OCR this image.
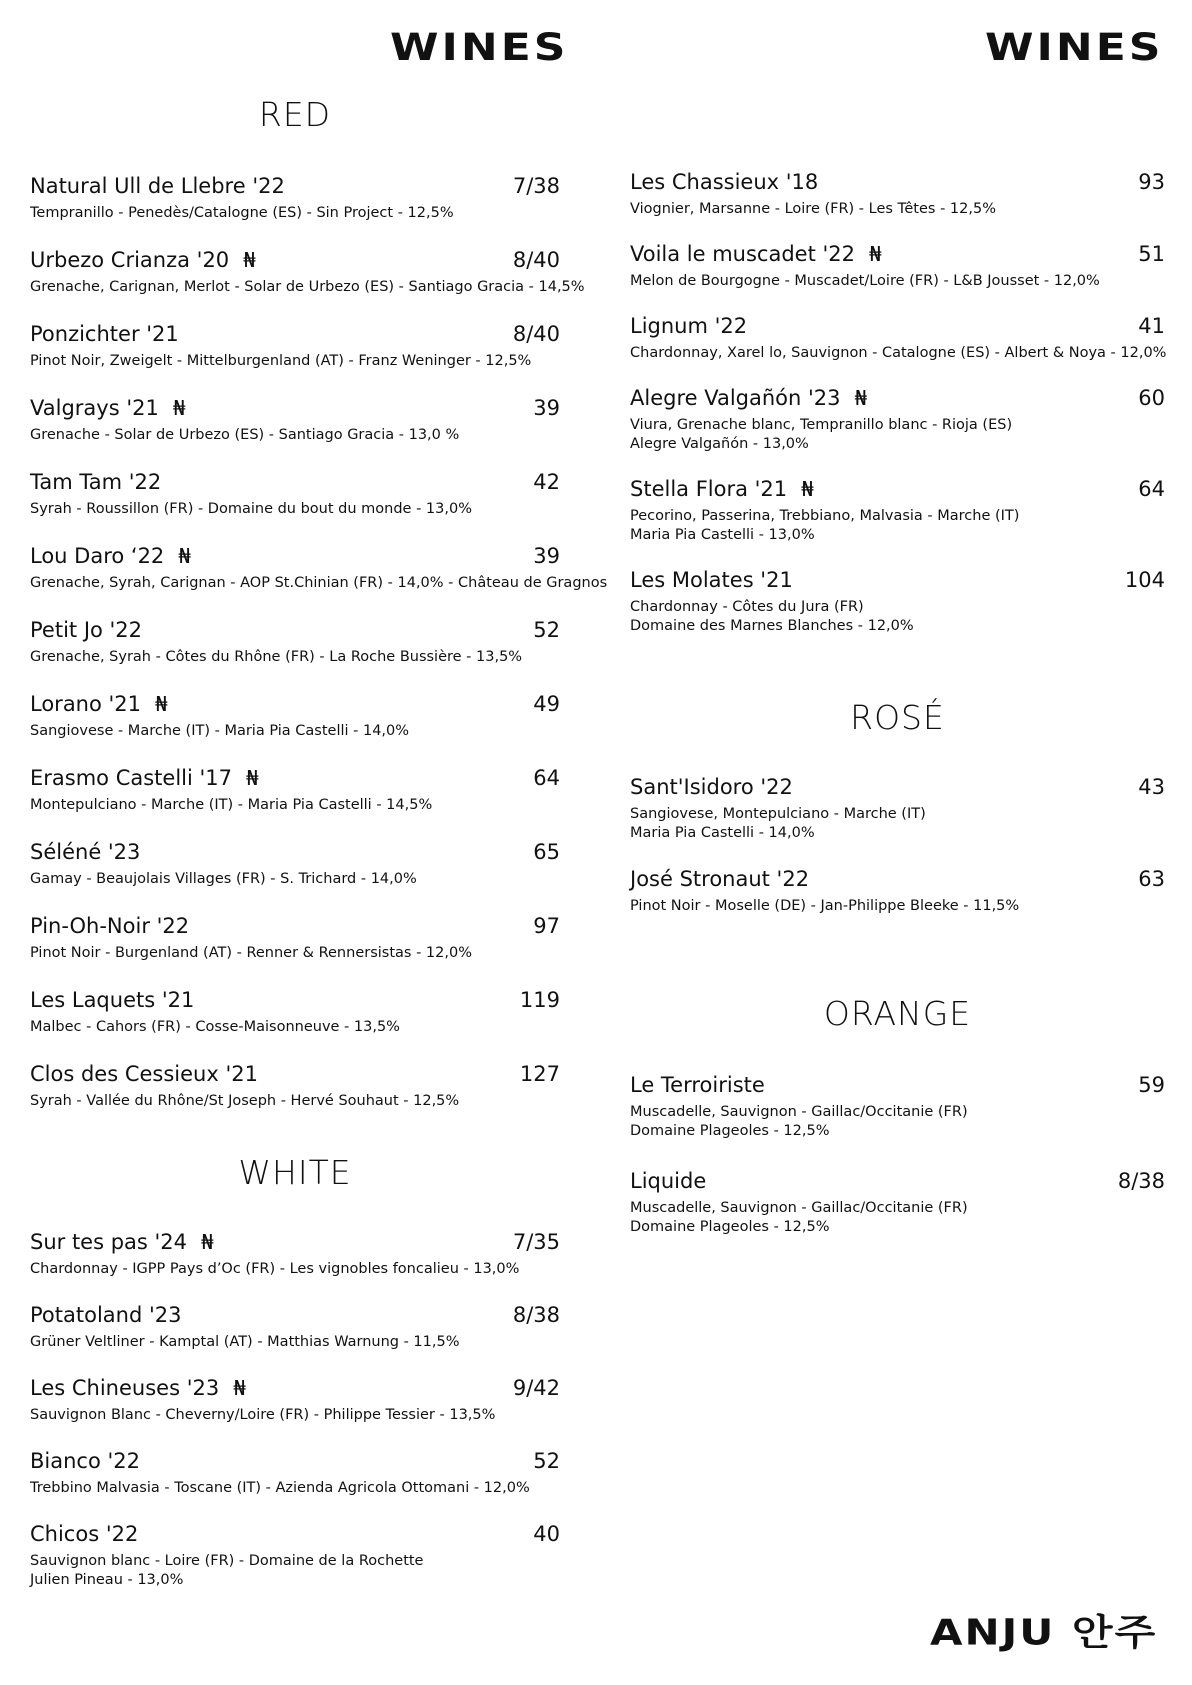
WINES	WINES
RED
Natural Ull de Llebre '22	7/38
Tempranillo - Penedès/Catalogne (ES) - Sin Project - 12,5%
Urbezo Crianza '20 ₦	8/40
Grenache, Carignan, Merlot - Solar de Urbezo (ES) - Santiago Gracia - 14,5%
Ponzichter '21	8/40
Pinot Noir, Zweigelt - Mittelburgenland (AT) - Franz Weninger - 12,5%
Valgrays '21 ₦	39
Grenache - Solar de Urbezo (ES) - Santiago Gracia - 13,0 %
Tam Tam '22	42
Syrah - Roussillon (FR) - Domaine du bout du monde - 13,0%
Lou Daro ‘22 ₦	39
Grenache, Syrah, Carignan - AOP St.Chinian (FR) - 14,0% - Château de Gragnos
Petit Jo '22	52
Grenache, Syrah - Côtes du Rhône (FR) - La Roche Bussière - 13,5%
Lorano '21 ₦	49
Sangiovese - Marche (IT) - Maria Pia Castelli - 14,0%
Erasmo Castelli '17 ₦	64
Montepulciano - Marche (IT) - Maria Pia Castelli - 14,5%
Séléné '23	65
Gamay - Beaujolais Villages (FR) - S. Trichard - 14,0%
Pin-Oh-Noir '22	97
Pinot Noir - Burgenland (AT) - Renner & Rennersistas - 12,0%
Les Laquets '21	119
Malbec - Cahors (FR) - Cosse-Maisonneuve - 13,5%
Clos des Cessieux '21	127
Syrah - Vallée du Rhône/St Joseph - Hervé Souhaut - 12,5%
WHITE
Sur tes pas '24 ₦	7/35
Chardonnay - IGPP Pays d’Oc (FR) - Les vignobles foncalieu - 13,0%
Potatoland '23	8/38
Grüner Veltliner - Kamptal (AT) - Matthias Warnung - 11,5%
Les Chineuses '23 ₦	9/42
Sauvignon Blanc - Cheverny/Loire (FR) - Philippe Tessier - 13,5%
Bianco '22	52
Trebbino Malvasia - Toscane (IT) - Azienda Agricola Ottomani - 12,0%
Chicos '22	40
Sauvignon blanc - Loire (FR) - Domaine de la Rochette
Julien Pineau - 13,0%
Les Chassieux '18	93
Viognier, Marsanne - Loire (FR) - Les Têtes - 12,5%
Voila le muscadet '22 ₦	51
Melon de Bourgogne - Muscadet/Loire (FR) - L&B Jousset - 12,0%
Lignum '22	41
Chardonnay, Xarel lo, Sauvignon - Catalogne (ES) - Albert & Noya - 12,0%
Alegre Valgañón '23 ₦	60
Viura, Grenache blanc, Tempranillo blanc - Rioja (ES)
Alegre Valgañón - 13,0%
Stella Flora '21 ₦	64
Pecorino, Passerina, Trebbiano, Malvasia - Marche (IT)
Maria Pia Castelli - 13,0%
Les Molates '21	104
Chardonnay - Côtes du Jura (FR)
Domaine des Marnes Blanches - 12,0%
ROSÉ
Sant'Isidoro '22	43
Sangiovese, Montepulciano - Marche (IT)
Maria Pia Castelli - 14,0%
José Stronaut '22	63
Pinot Noir - Moselle (DE) - Jan-Philippe Bleeke - 11,5%
ORANGE
Le Terroiriste	59
Muscadelle, Sauvignon - Gaillac/Occitanie (FR)
Domaine Plageoles - 12,5%
Liquide	8/38
Muscadelle, Sauvignon - Gaillac/Occitanie (FR)
Domaine Plageoles - 12,5%
ANJU 안주
